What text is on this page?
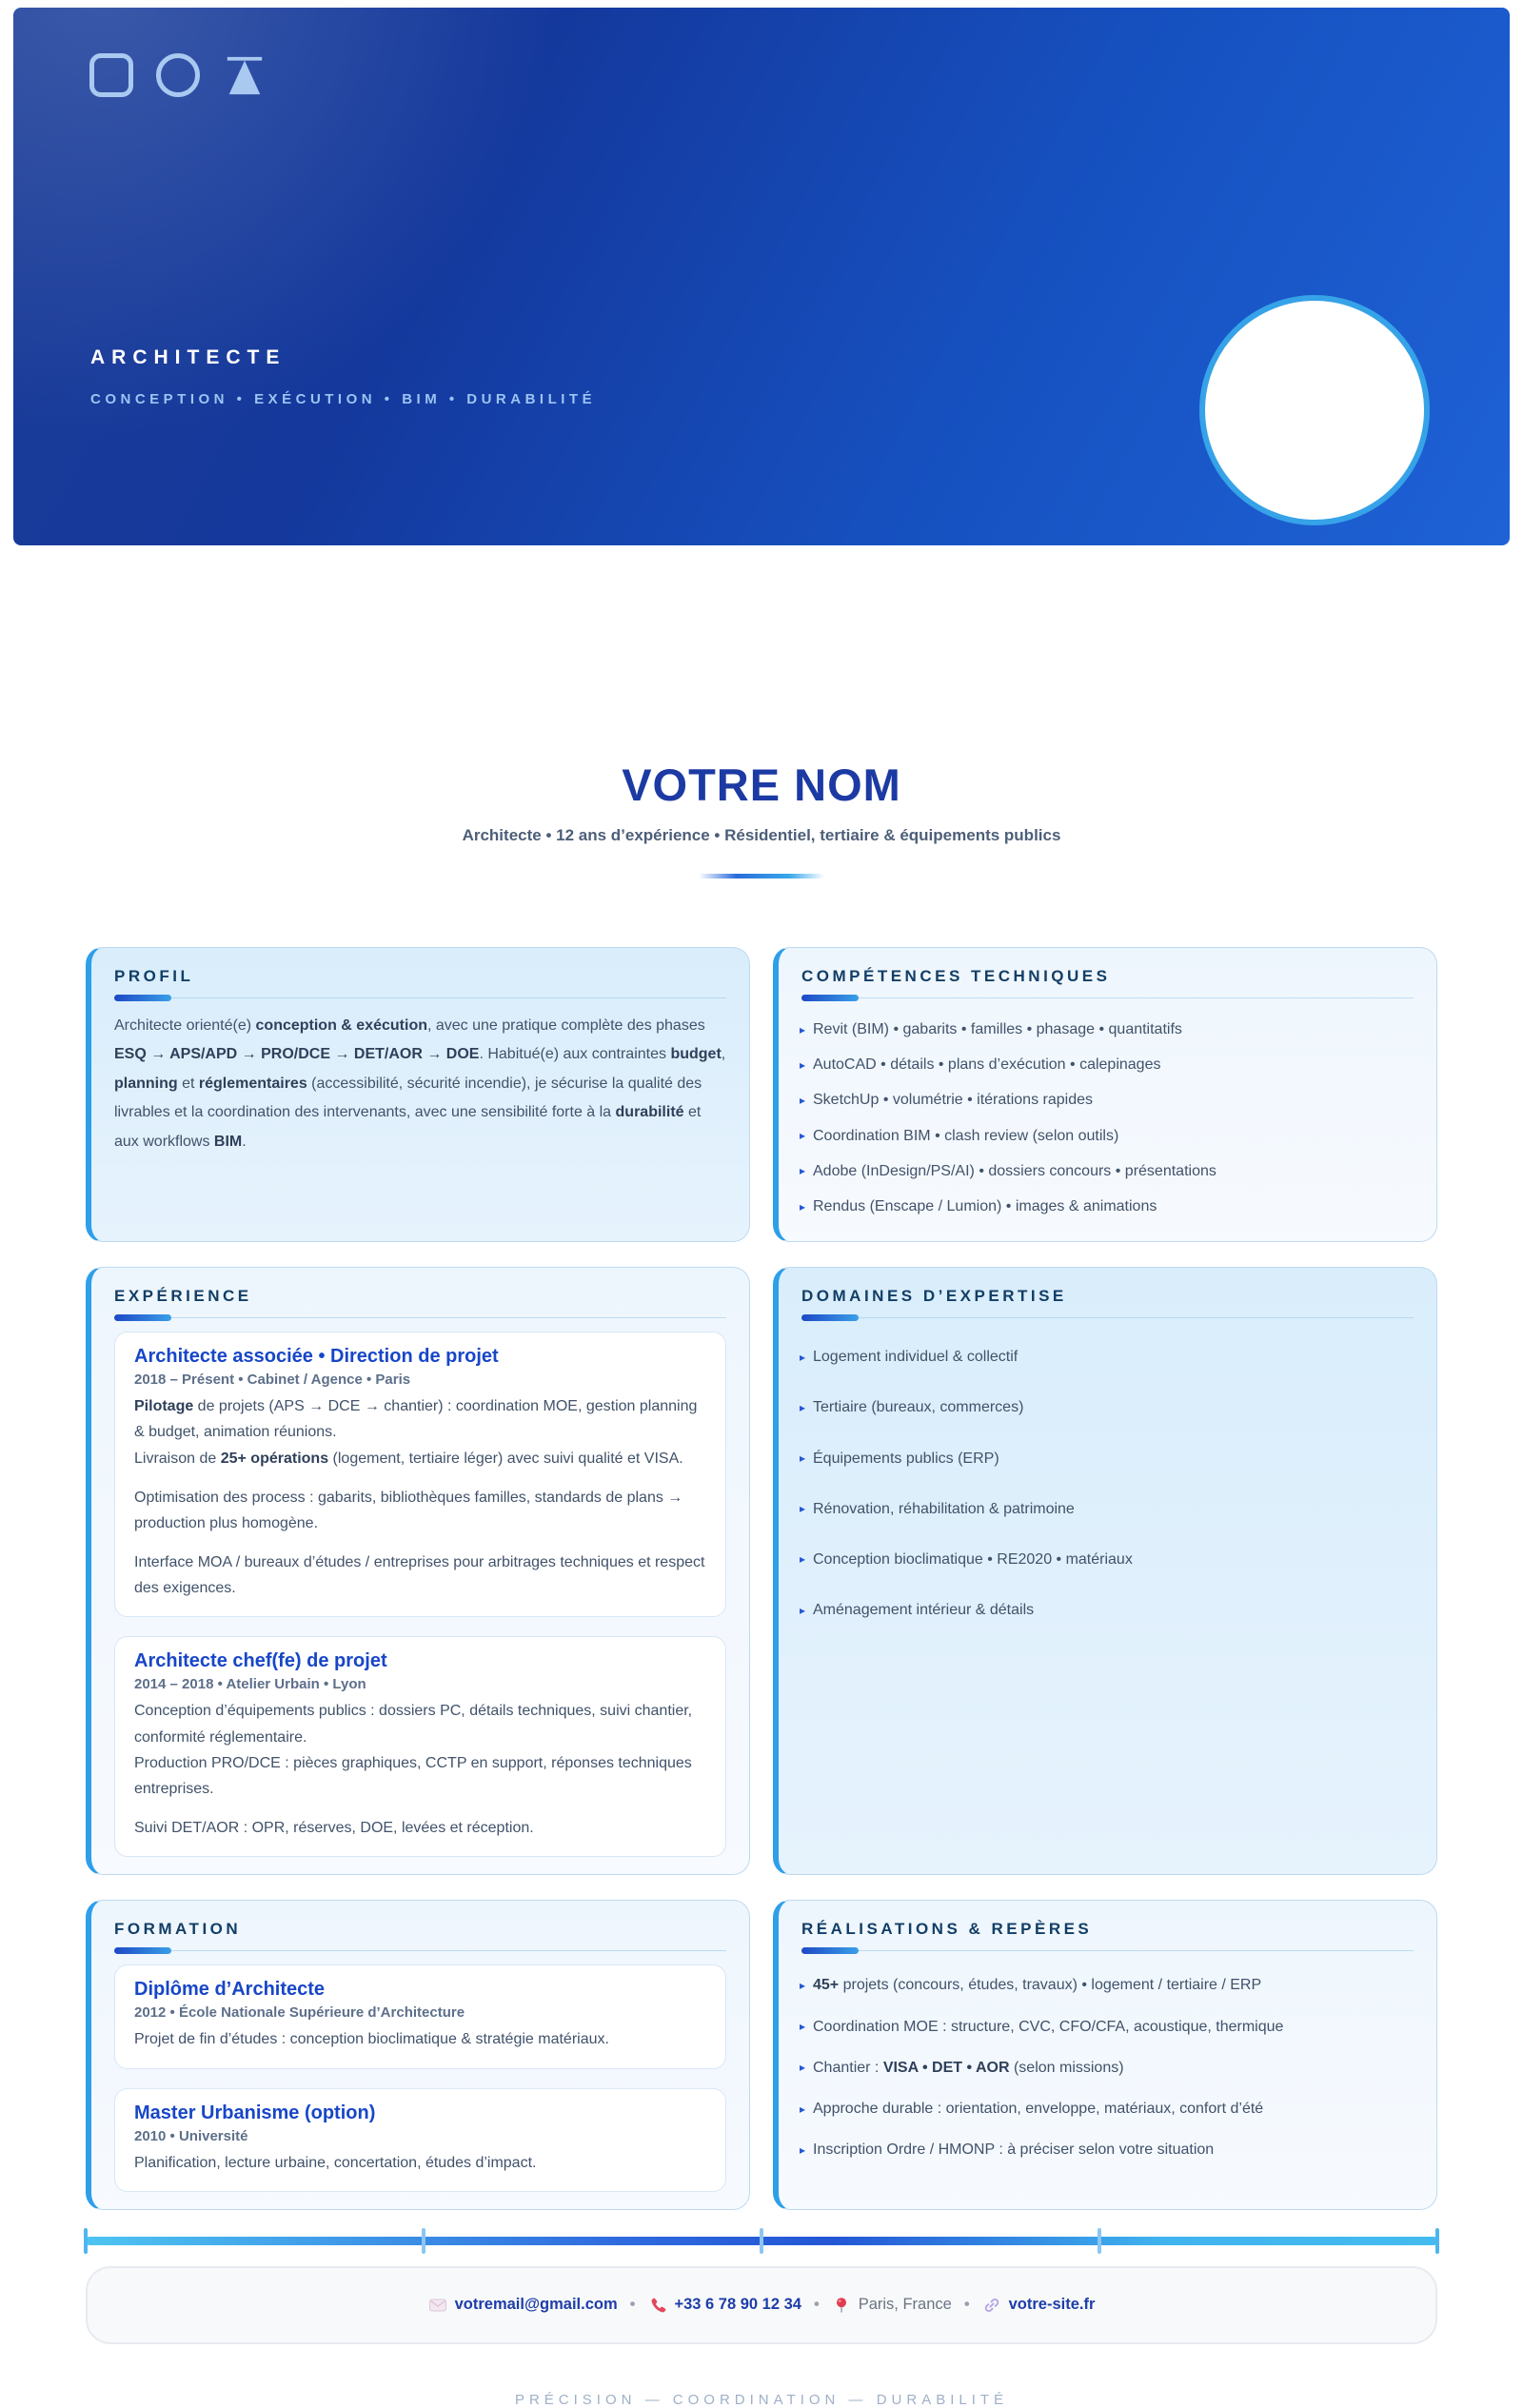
ARCHITECTE
CONCEPTION • EXÉCUTION • BIM • DURABILITÉ
VOTRE NOM

Architecte • 12 ans d’expérience • Résidentiel, tertiaire & équipements publics

PROFIL

Architecte orienté(e) conception & exécution, avec une pratique complète des phases ESQ → APS/APD → PRO/DCE → DET/AOR → DOE. Habitué(e) aux contraintes budget, planning et réglementaires (accessibilité, sécurité incendie), je sécurise la qualité des livrables et la coordination des intervenants, avec une sensibilité forte à la durabilité et aux workflows BIM.

COMPÉTENCES TECHNIQUES
▸ Revit (BIM) • gabarits • familles • phasage • quantitatifs
▸ AutoCAD • détails • plans d’exécution • calepinages
▸ SketchUp • volumétrie • itérations rapides
▸ Coordination BIM • clash review (selon outils)
▸ Adobe (InDesign/PS/AI) • dossiers concours • présentations
▸ Rendus (Enscape / Lumion) • images & animations
EXPÉRIENCE
Architecte associée • Direction de projet
2018 – Présent • Cabinet / Agence • Paris

Pilotage de projets (APS → DCE → chantier) : coordination MOE, gestion planning & budget, animation réunions.

Livraison de 25+ opérations (logement, tertiaire léger) avec suivi qualité et VISA.

Optimisation des process : gabarits, bibliothèques familles, standards de plans → production plus homogène.

Interface MOA / bureaux d’études / entreprises pour arbitrages techniques et respect des exigences.

Architecte chef(fe) de projet
2014 – 2018 • Atelier Urbain • Lyon

Conception d’équipements publics : dossiers PC, détails techniques, suivi chantier, conformité réglementaire.

Production PRO/DCE : pièces graphiques, CCTP en support, réponses techniques entreprises.

Suivi DET/AOR : OPR, réserves, DOE, levées et réception.

DOMAINES D’EXPERTISE
▸ Logement individuel & collectif
▸ Tertiaire (bureaux, commerces)
▸ Équipements publics (ERP)
▸ Rénovation, réhabilitation & patrimoine
▸ Conception bioclimatique • RE2020 • matériaux
▸ Aménagement intérieur & détails
FORMATION
Diplôme d’Architecte
2012 • École Nationale Supérieure d’Architecture

Projet de fin d’études : conception bioclimatique & stratégie matériaux.

Master Urbanisme (option)
2010 • Université

Planification, lecture urbaine, concertation, études d’impact.

RÉALISATIONS & REPÈRES
▸ 45+ projets (concours, études, travaux) • logement / tertiaire / ERP
▸ Coordination MOE : structure, CVC, CFO/CFA, acoustique, thermique
▸ Chantier : VISA • DET • AOR (selon missions)
▸ Approche durable : orientation, enveloppe, matériaux, confort d’été
▸ Inscription Ordre / HMONP : à préciser selon votre situation
votremail@gmail.com • +33 6 78 90 12 34 • Paris, France • votre-site.fr
PRÉCISION — COORDINATION — DURABILITÉ
